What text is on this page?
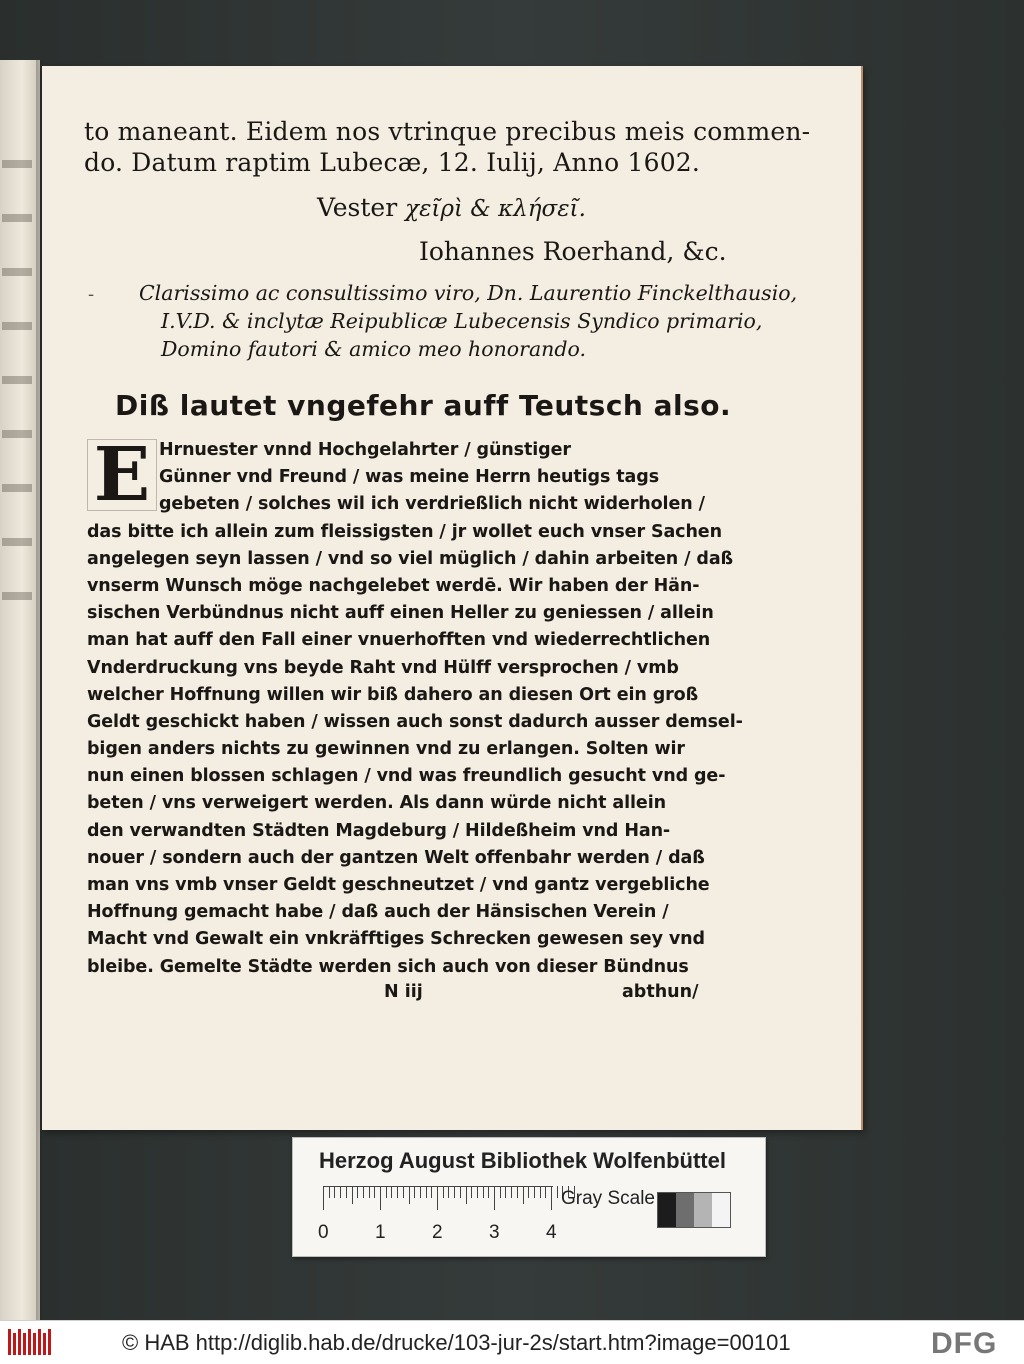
to maneant. Eidem nos vtrinque precibus meis commen-
do. Datum raptim Lubecæ, 12. Iulij, Anno 1602.
Vester χεῖρὶ & κλήσεῖ.
Iohannes Roerhand, &c.
- Clarissimo ac consultissimo viro, Dn. Laurentio Finckelthausio,
I.V.D. & inclytæ Reipublicæ Lubecensis Syndico primario,
Domino fautori & amico meo honorando.
Diß lautet vngefehr auff Teutsch also.
E Hrnuester vnnd Hochgelahrter / günstiger
Günner vnd Freund / was meine Herrn heutigs tags
gebeten / solches wil ich verdrießlich nicht widerholen /
das bitte ich allein zum fleissigsten / jr wollet euch vnser Sachen
angelegen seyn lassen / vnd so viel müglich / dahin arbeiten / daß
vnserm Wunsch möge nachgelebet werdē. Wir haben der Hän-
sischen Verbündnus nicht auff einen Heller zu geniessen / allein
man hat auff den Fall einer vnuerhofften vnd wiederrechtlichen
Vnderdruckung vns beyde Raht vnd Hülff versprochen / vmb
welcher Hoffnung willen wir biß dahero an diesen Ort ein groß
Geldt geschickt haben / wissen auch sonst dadurch ausser demsel-
bigen anders nichts zu gewinnen vnd zu erlangen. Solten wir
nun einen blossen schlagen / vnd was freundlich gesucht vnd ge-
beten / vns verweigert werden. Als dann würde nicht allein
den verwandten Städten Magdeburg / Hildeßheim vnd Han-
nouer / sondern auch der gantzen Welt offenbahr werden / daß
man vns vmb vnser Geldt geschneutzet / vnd gantz vergebliche
Hoffnung gemacht habe / daß auch der Hänsischen Verein /
Macht vnd Gewalt ein vnkräfftiges Schrecken gewesen sey vnd
bleibe. Gemelte Städte werden sich auch von dieser Bündnus
N iij	abthun/
Herzog August Bibliothek Wolfenbüttel
0 1 2 3 4
Gray Scale
© HAB http://diglib.hab.de/drucke/103-jur-2s/start.htm?image=00101	DFG
